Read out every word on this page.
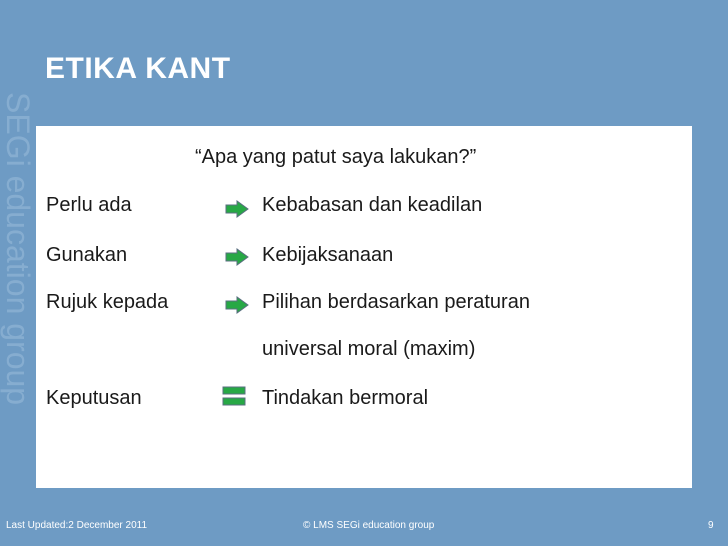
SEGi education group
ETIKA KANT
“Apa yang patut saya lakukan?”
Perlu ada	Kebabasan dan keadilan
Gunakan	Kebijaksanaan
Rujuk kepada	Pilihan berdasarkan peraturan
universal moral (maxim)
Keputusan	Tindakan bermoral
Last Updated:2 December 2011	© LMS SEGi education group	9
